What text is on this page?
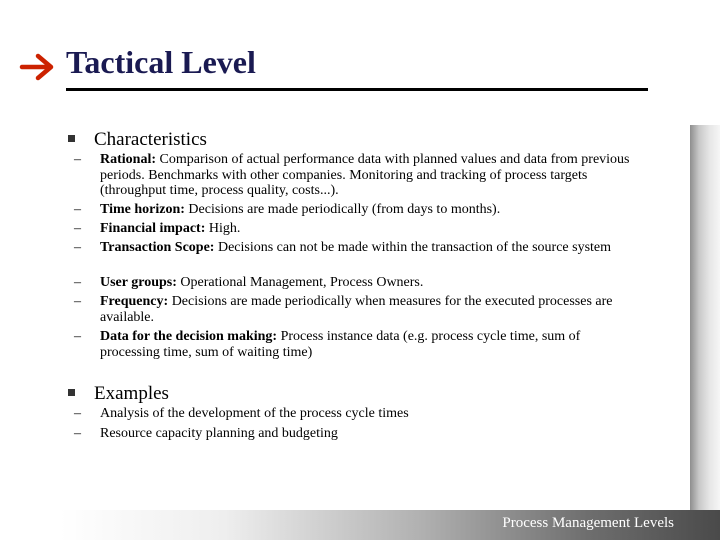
Tactical Level
Characteristics
– Rational: Comparison of actual performance data with planned values and data from previous periods. Benchmarks with other companies. Monitoring and tracking of process targets (throughput time, process quality, costs...).
– Time horizon: Decisions are made periodically (from days to months).
– Financial impact: High.
– Transaction Scope: Decisions can not be made within the transaction of the source system
– User groups: Operational Management, Process Owners.
– Frequency: Decisions are made periodically when measures for the executed processes are available.
– Data for the decision making: Process instance data (e.g. process cycle time, sum of processing time, sum of waiting time)
Examples
– Analysis of the development of the process cycle times
– Resource capacity planning and budgeting
Process Management Levels
